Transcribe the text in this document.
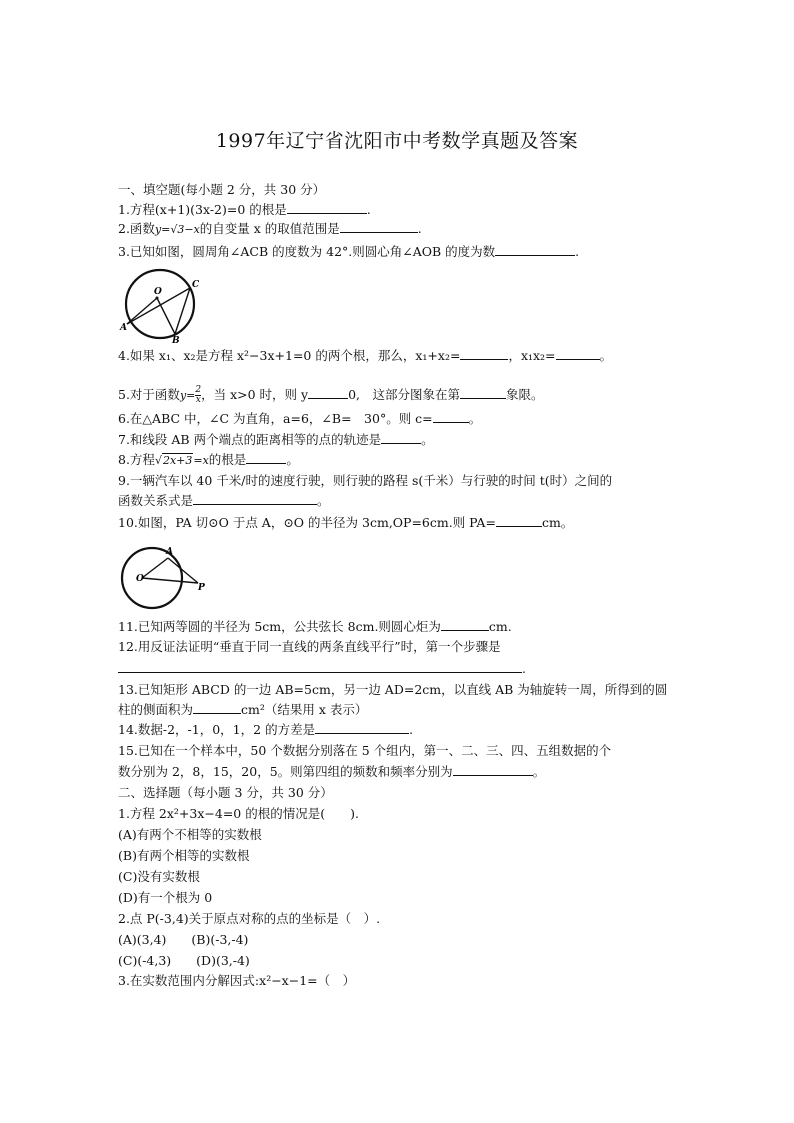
1997年辽宁省沈阳市中考数学真题及答案
一、填空题(每小题 2 分，共 30 分）
1.方程(x+1)(3x-2)=0 的根是	.
2.函数y=√3−x的自变量 x 的取值范围是	.
3.已知如图，圆周角∠ACB 的度数为 42°.则圆心角∠AOB 的度为数	.
O
C
A
B
4.如果 x₁、x₂是方程 x²−3x+1=0 的两个根，那么，x₁+x₂=	，x₁x₂=	。
5.对于函数$y= \frac{2}{x}$ ，当 x>0 时，则 y	0,　这部分图象在第	象限。
6.在△ABC 中，∠C 为直角，a=6，∠B=　30°。则 c=	。
7.和线段 AB 两个端点的距离相等的点的轨迹是	。
8.方程√2x+3=x的根是	。
9.一辆汽车以 40 千米/时的速度行驶，则行驶的路程 s(千米）与行驶的时间 t(时）之间的
函数关系式是	。
10.如图，PA 切⊙O 于点 A，⊙O 的半径为 3cm,OP=6cm.则 PA=	cm。
O
A
P
11.已知两等圆的半径为 5cm，公共弦长 8cm.则圆心炬为	cm.
12.用反证法证明“垂直于同一直线的两条直线平行”时，第一个步骤是
.
13.已知矩形 ABCD 的一边 AB=5cm，另一边 AD=2cm，以直线 AB 为轴旋转一周，所得到的圆
柱的侧面积为	cm²（结果用 x 表示）
14.数据-2，-1，0，1，2 的方差是	.
15.已知在一个样本中，50 个数据分别落在 5 个组内，第一、二、三、四、五组数据的个
数分别为 2，8，15，20，5。则第四组的频数和频率分别为	。
二、选择题（每小题 3 分，共 30 分）
1.方程 2x²+3x−4=0 的根的情况是(　　).
(A)有两个不相等的实数根
(B)有两个相等的实数根
(C)没有实数根
(D)有一个根为 0
2.点 P(-3,4)关于原点对称的点的坐标是（　）.
(A)(3,4)　　(B)(-3,-4)
(C)(-4,3)　　(D)(3,-4)
3.在实数范围内分解因式:x²−x−1=（　）
